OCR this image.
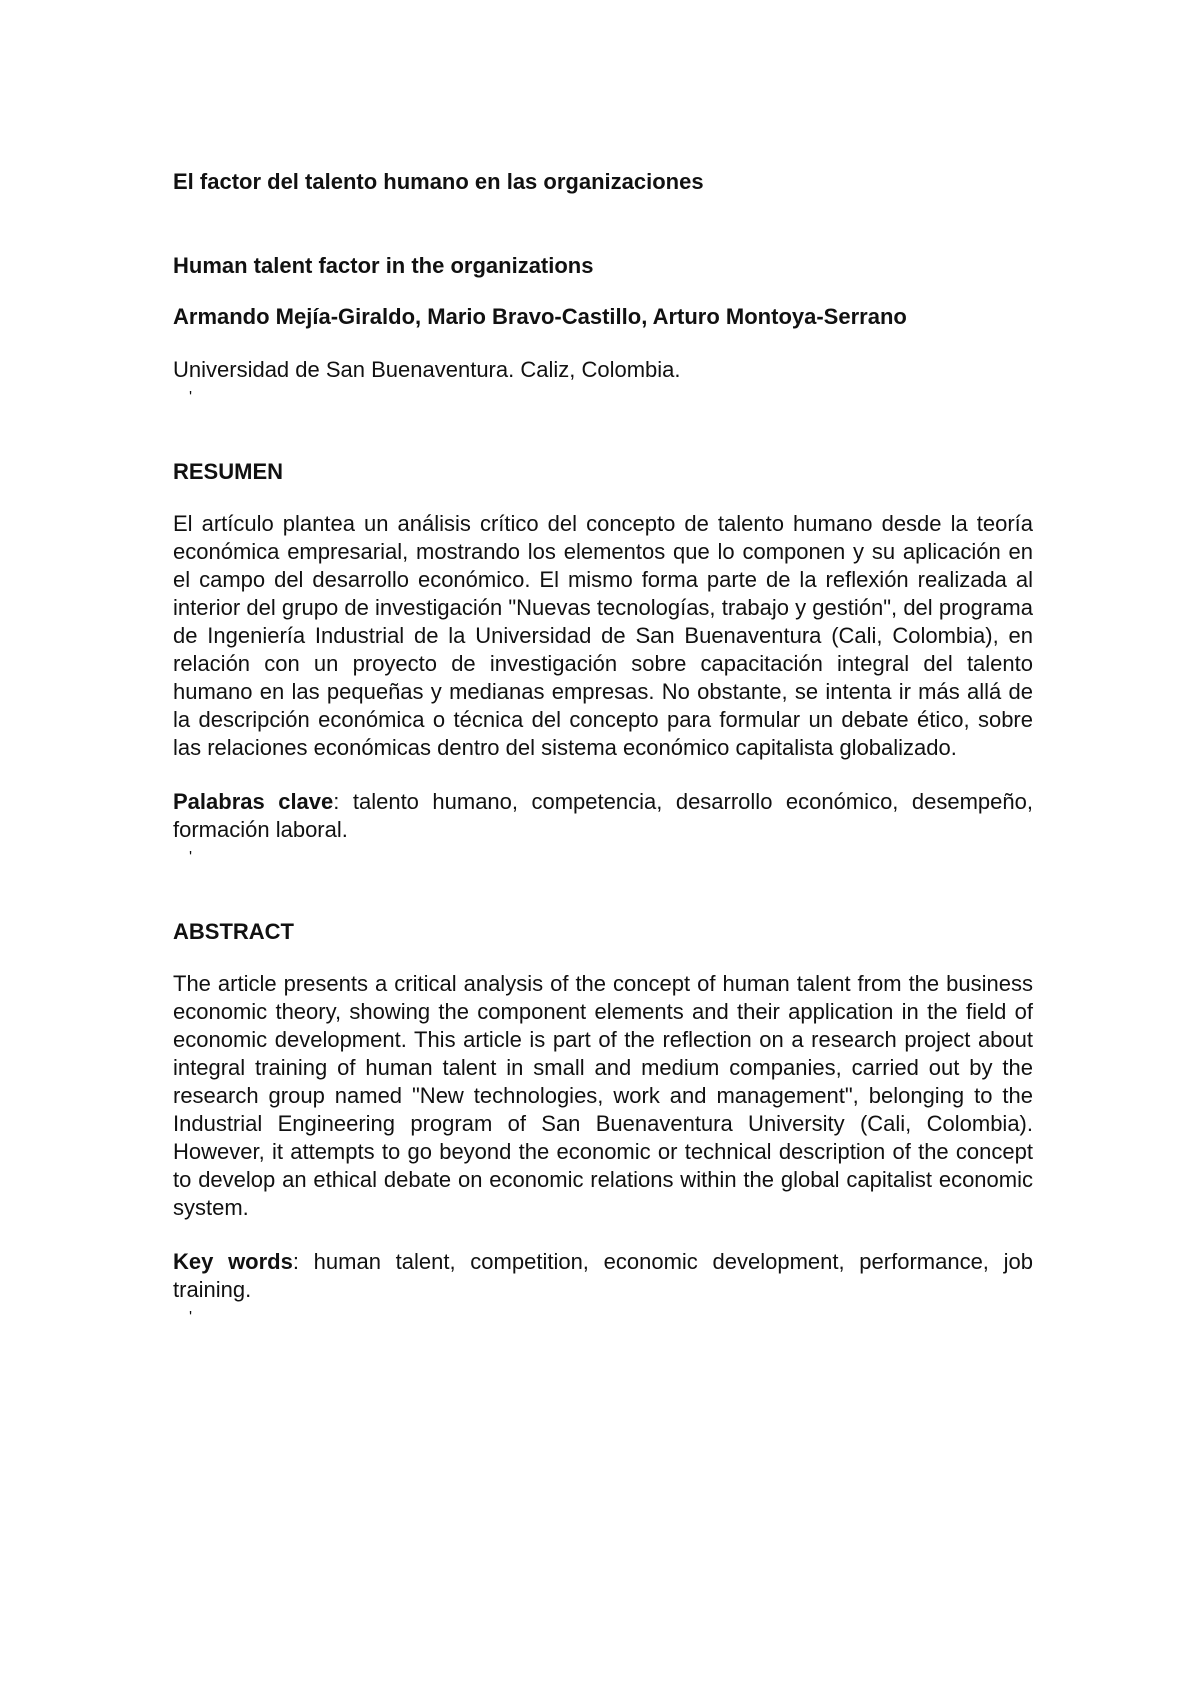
El factor del talento humano en las organizaciones

Human talent factor in the organizations

Armando Mejía-Giraldo, Mario Bravo-Castillo, Arturo Montoya-Serrano

Universidad de San Buenaventura. Caliz, Colombia.

'

RESUMEN

El artículo plantea un análisis crítico del concepto de talento humano desde la teoría económica empresarial, mostrando los elementos que lo componen y su aplicación en el campo del desarrollo económico. El mismo forma parte de la reflexión realizada al interior del grupo de investigación "Nuevas tecnologías, trabajo y gestión", del programa de Ingeniería Industrial de la Universidad de San Buenaventura (Cali, Colombia), en relación con un proyecto de investigación sobre capacitación integral del talento humano en las pequeñas y medianas empresas. No obstante, se intenta ir más allá de la descripción económica o técnica del concepto para formular un debate ético, sobre las relaciones económicas dentro del sistema económico capitalista globalizado.

Palabras clave: talento humano, competencia, desarrollo económico, desempeño, formación laboral.

'

ABSTRACT

The article presents a critical analysis of the concept of human talent from the business economic theory, showing the component elements and their application in the field of economic development. This article is part of the reflection on a research project about integral training of human talent in small and medium companies, carried out by the research group named "New technologies, work and management", belonging to the Industrial Engineering program of San Buenaventura University (Cali, Colombia). However, it attempts to go beyond the economic or technical description of the concept to develop an ethical debate on economic relations within the global capitalist economic system.

Key words: human talent, competition, economic development, performance, job training.

'
